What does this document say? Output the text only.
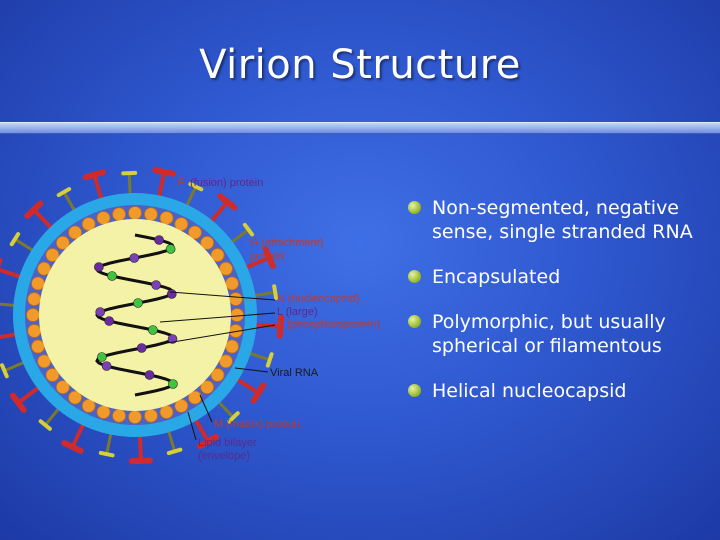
Virion Structure
F (fusion) protein
G (attachment)
protein
N (nucleocapsid)
L (large)
P (phosphoroprotein)
Viral RNA
M (matrix) protein
Lipid bilayer
(envelope)
Non-segmented, negative sense, single stranded RNA
Encapsulated
Polymorphic, but usually spherical or filamentous
Helical nucleocapsid
